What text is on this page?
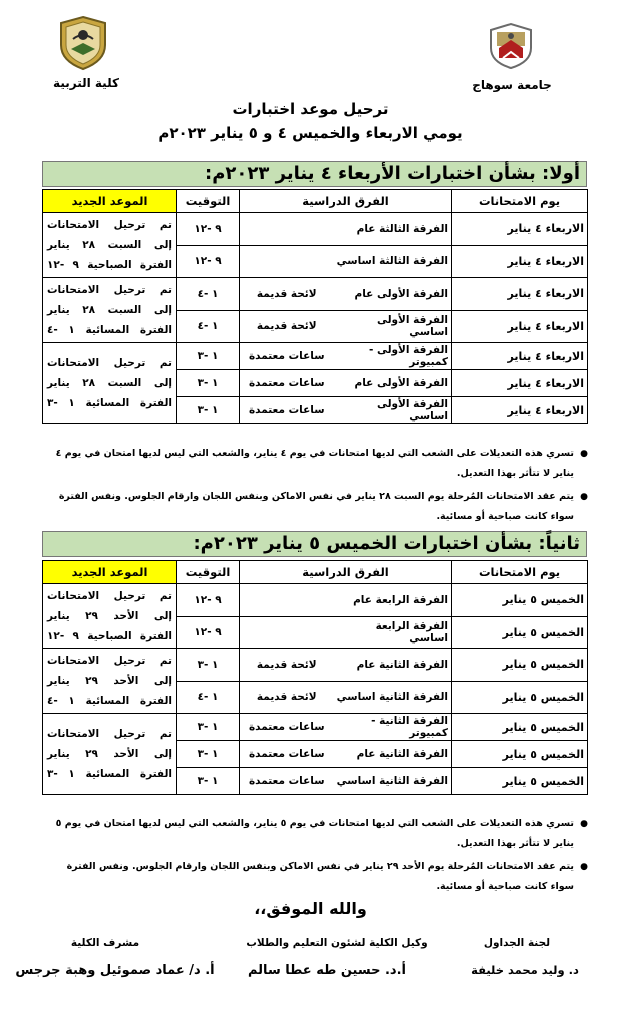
كلية التربية	جامعة سوهاج
ترحيل موعد اختبارات
يومي الاربعاء والخميس ٤ و ٥ يناير ٢٠٢٣م
أولا: بشأن اختبارات الأربعاء ٤ يناير ٢٠٢٣م:
يوم الامتحانات	الفرق الدراسية		التوقيت	الموعد الجديد
الاربعاء ٤ يناير	الفرقة الثالثة عام		٩ -١٢	تم ترحيل الامتحانات إلى السبت ٢٨ يناير الفترة الصباحية ٩ -١٢
الاربعاء ٤ يناير	الفرقة الثالثة اساسي		٩ -١٢	
الاربعاء ٤ يناير	الفرقة الأولى عام	لائحة قديمة	١ -٤	تم ترحيل الامتحانات إلى السبت ٢٨ يناير الفترة المسائية ١ -٤
الاربعاء ٤ يناير	الفرقة الأولى اساسي	لائحة قديمة	١ -٤	
الاربعاء ٤ يناير	الفرقة الأولى - كمبيوتر	ساعات معتمدة	١ -٣	تم ترحيل الامتحانات إلى السبت ٢٨ يناير الفترة المسائية ١ -٣
الاربعاء ٤ يناير	الفرقة الأولى عام	ساعات معتمدة	١ -٣	
الاربعاء ٤ يناير	الفرقة الأولى اساسي	ساعات معتمدة	١ -٣	
● تسري هذه التعديلات على الشعب التي لديها امتحانات في يوم ٤ يناير، والشعب التي ليس لديها امتحان في يوم ٤ يناير لا تتأثر بهذا التعديل.
● يتم عقد الامتحانات المُرحلة يوم السبت ٢٨ يناير في نفس الاماكن وبنفس اللجان وارقام الجلوس. ونفس الفترة سواء كانت صباحية أو مسائية.
ثانياً: بشأن اختبارات الخميس ٥ يناير ٢٠٢٣م:
يوم الامتحانات	الفرق الدراسية		التوقيت	الموعد الجديد
الخميس ٥ يناير	الفرقة الرابعة عام		٩ -١٢	تم ترحيل الامتحانات إلى الأحد ٢٩ يناير الفترة الصباحية ٩ -١٢
الخميس ٥ يناير	الفرقة الرابعة اساسي		٩ -١٢	
الخميس ٥ يناير	الفرقة الثانية عام	لائحة قديمة	١ -٣	تم ترحيل الامتحانات إلى الأحد ٢٩ يناير الفترة المسائية ١ -٤
الخميس ٥ يناير	الفرقة الثانية اساسي	لائحة قديمة	١ -٤	
الخميس ٥ يناير	الفرقة الثانية - كمبيوتر	ساعات معتمدة	١ -٣	تم ترحيل الامتحانات إلى الأحد ٢٩ يناير الفترة المسائية ١ -٣
الخميس ٥ يناير	الفرقة الثانية عام	ساعات معتمدة	١ -٣	
الخميس ٥ يناير	الفرقة الثانية اساسي	ساعات معتمدة	١ -٣	
● تسري هذه التعديلات على الشعب التي لديها امتحانات في يوم ٥ يناير، والشعب التي ليس لديها امتحان في يوم ٥ يناير لا تتأثر بهذا التعديل.
● يتم عقد الامتحانات المُرحلة يوم الأحد ٢٩ يناير في نفس الاماكن وبنفس اللجان وارقام الجلوس. ونفس الفترة سواء كانت صباحية أو مسائية.
والله الموفق،،
لجنة الجداول
وكيل الكلية لشئون التعليم والطلاب
مشرف الكلية
د. وليد محمد خليفة
أ.د. حسين طه عطا سالم
أ. د/ عماد صموئيل وهبة جرجس
